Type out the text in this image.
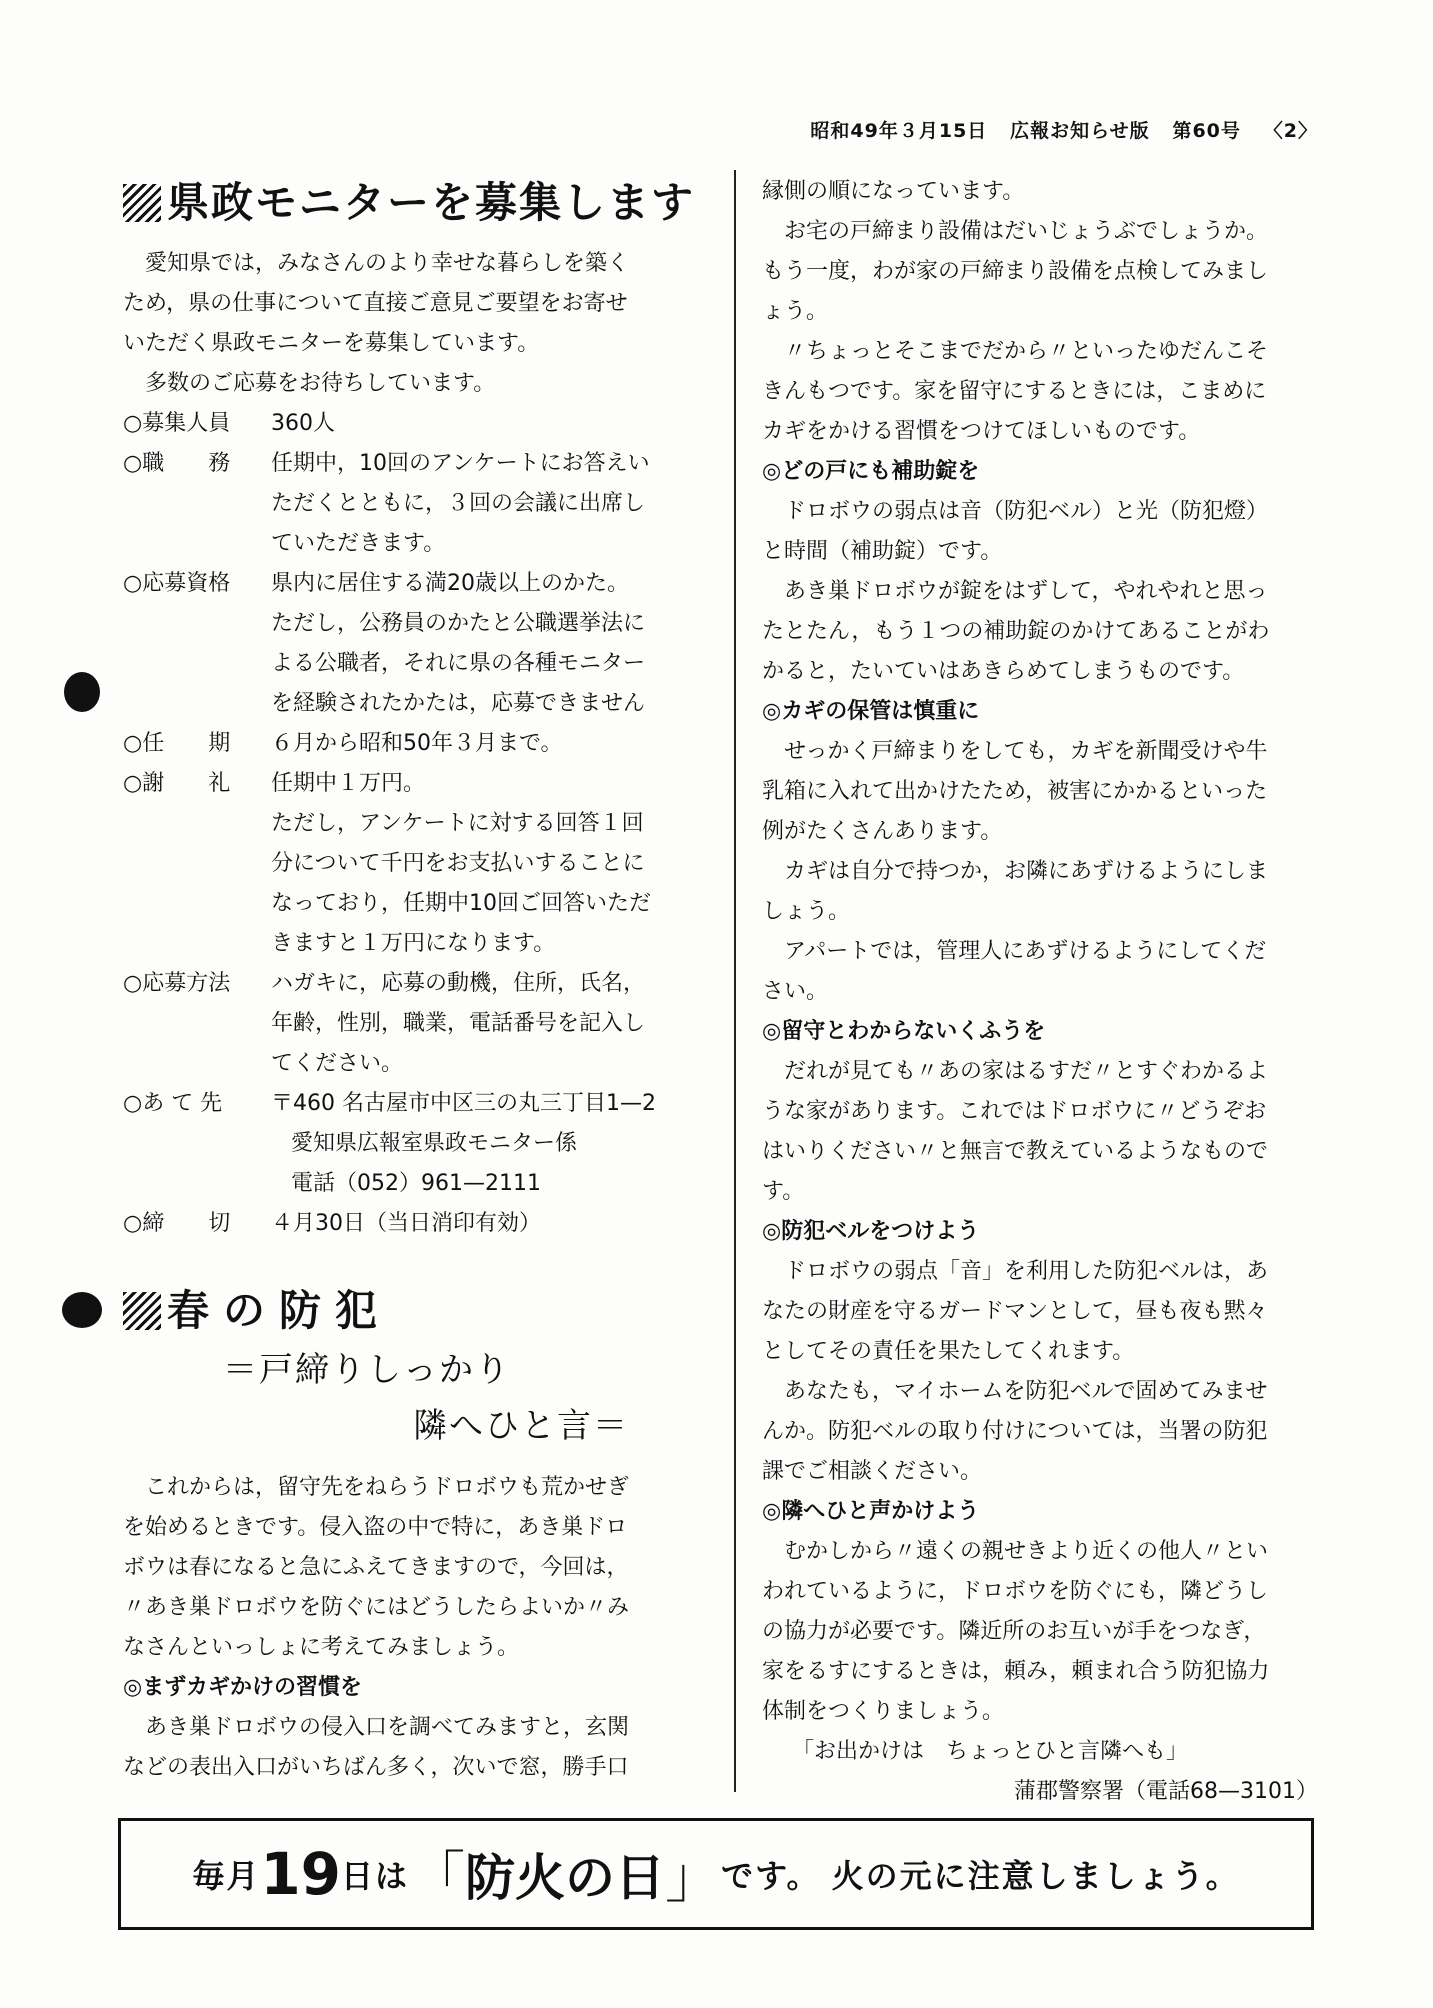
昭和49年３月15日 広報お知らせ版 第60号 〈2〉
県政モニターを募集します

愛知県では，みなさんのより幸せな暮らしを築く

ため，県の仕事について直接ご意見ご要望をお寄せ

いただく県政モニターを募集しています。

多数のご応募をお待ちしています。

○募集人員	360人
○職　　務	任期中，10回のアンケートにお答えい
ただくとともに，３回の会議に出席し
ていただきます。
○応募資格	県内に居住する満20歳以上のかた。
ただし，公務員のかたと公職選挙法に
よる公職者，それに県の各種モニター
を経験されたかたは，応募できません
○任　　期	６月から昭和50年３月まで。
○謝　　礼	任期中１万円。
ただし，アンケートに対する回答１回
分について千円をお支払いすることに
なっており，任期中10回ご回答いただ
きますと１万円になります。
○応募方法	ハガキに，応募の動機，住所，氏名，
年齢，性別，職業，電話番号を記入し
てください。
○あ て 先	〒460 名古屋市中区三の丸三丁目1—2
愛知県広報室県政モニター係
電話（052）961—2111
○締　　切	４月30日（当日消印有効）
春の防犯
＝戸締りしっかり
隣へひと言＝

これからは，留守先をねらうドロボウも荒かせぎ

を始めるときです。侵入盗の中で特に，あき巣ドロ

ボウは春になると急にふえてきますので，今回は，

〃あき巣ドロボウを防ぐにはどうしたらよいか〃み

なさんといっしょに考えてみましょう。

◎まずカギかけの習慣を

あき巣ドロボウの侵入口を調べてみますと，玄関

などの表出入口がいちばん多く，次いで窓，勝手口

縁側の順になっています。

お宅の戸締まり設備はだいじょうぶでしょうか。

もう一度，わが家の戸締まり設備を点検してみまし

ょう。

〃ちょっとそこまでだから〃といったゆだんこそ

きんもつです。家を留守にするときには，こまめに

カギをかける習慣をつけてほしいものです。

◎どの戸にも補助錠を

ドロボウの弱点は音（防犯ベル）と光（防犯燈）

と時間（補助錠）です。

あき巣ドロボウが錠をはずして，やれやれと思っ

たとたん，もう１つの補助錠のかけてあることがわ

かると，たいていはあきらめてしまうものです。

◎カギの保管は慎重に

せっかく戸締まりをしても，カギを新聞受けや牛

乳箱に入れて出かけたため，被害にかかるといった

例がたくさんあります。

カギは自分で持つか，お隣にあずけるようにしま

しょう。

アパートでは，管理人にあずけるようにしてくだ

さい。

◎留守とわからないくふうを

だれが見ても〃あの家はるすだ〃とすぐわかるよ

うな家があります。これではドロボウに〃どうぞお

はいりください〃と無言で教えているようなもので

す。

◎防犯ベルをつけよう

ドロボウの弱点「音」を利用した防犯ベルは，あ

なたの財産を守るガードマンとして，昼も夜も黙々

としてその責任を果たしてくれます。

あなたも，マイホームを防犯ベルで固めてみませ

んか。防犯ベルの取り付けについては，当署の防犯

課でご相談ください。

◎隣へひと声かけよう

むかしから〃遠くの親せきより近くの他人〃とい

われているように，ドロボウを防ぐにも，隣どうし

の協力が必要です。隣近所のお互いが手をつなぎ，

家をるすにするときは，頼み，頼まれ合う防犯協力

体制をつくりましょう。

「お出かけは　ちょっとひと言隣へも」

蒲郡警察署（電話68—3101）

毎月 19 日は 「 防火の日 」 です。
火の元に注意しましょう。
